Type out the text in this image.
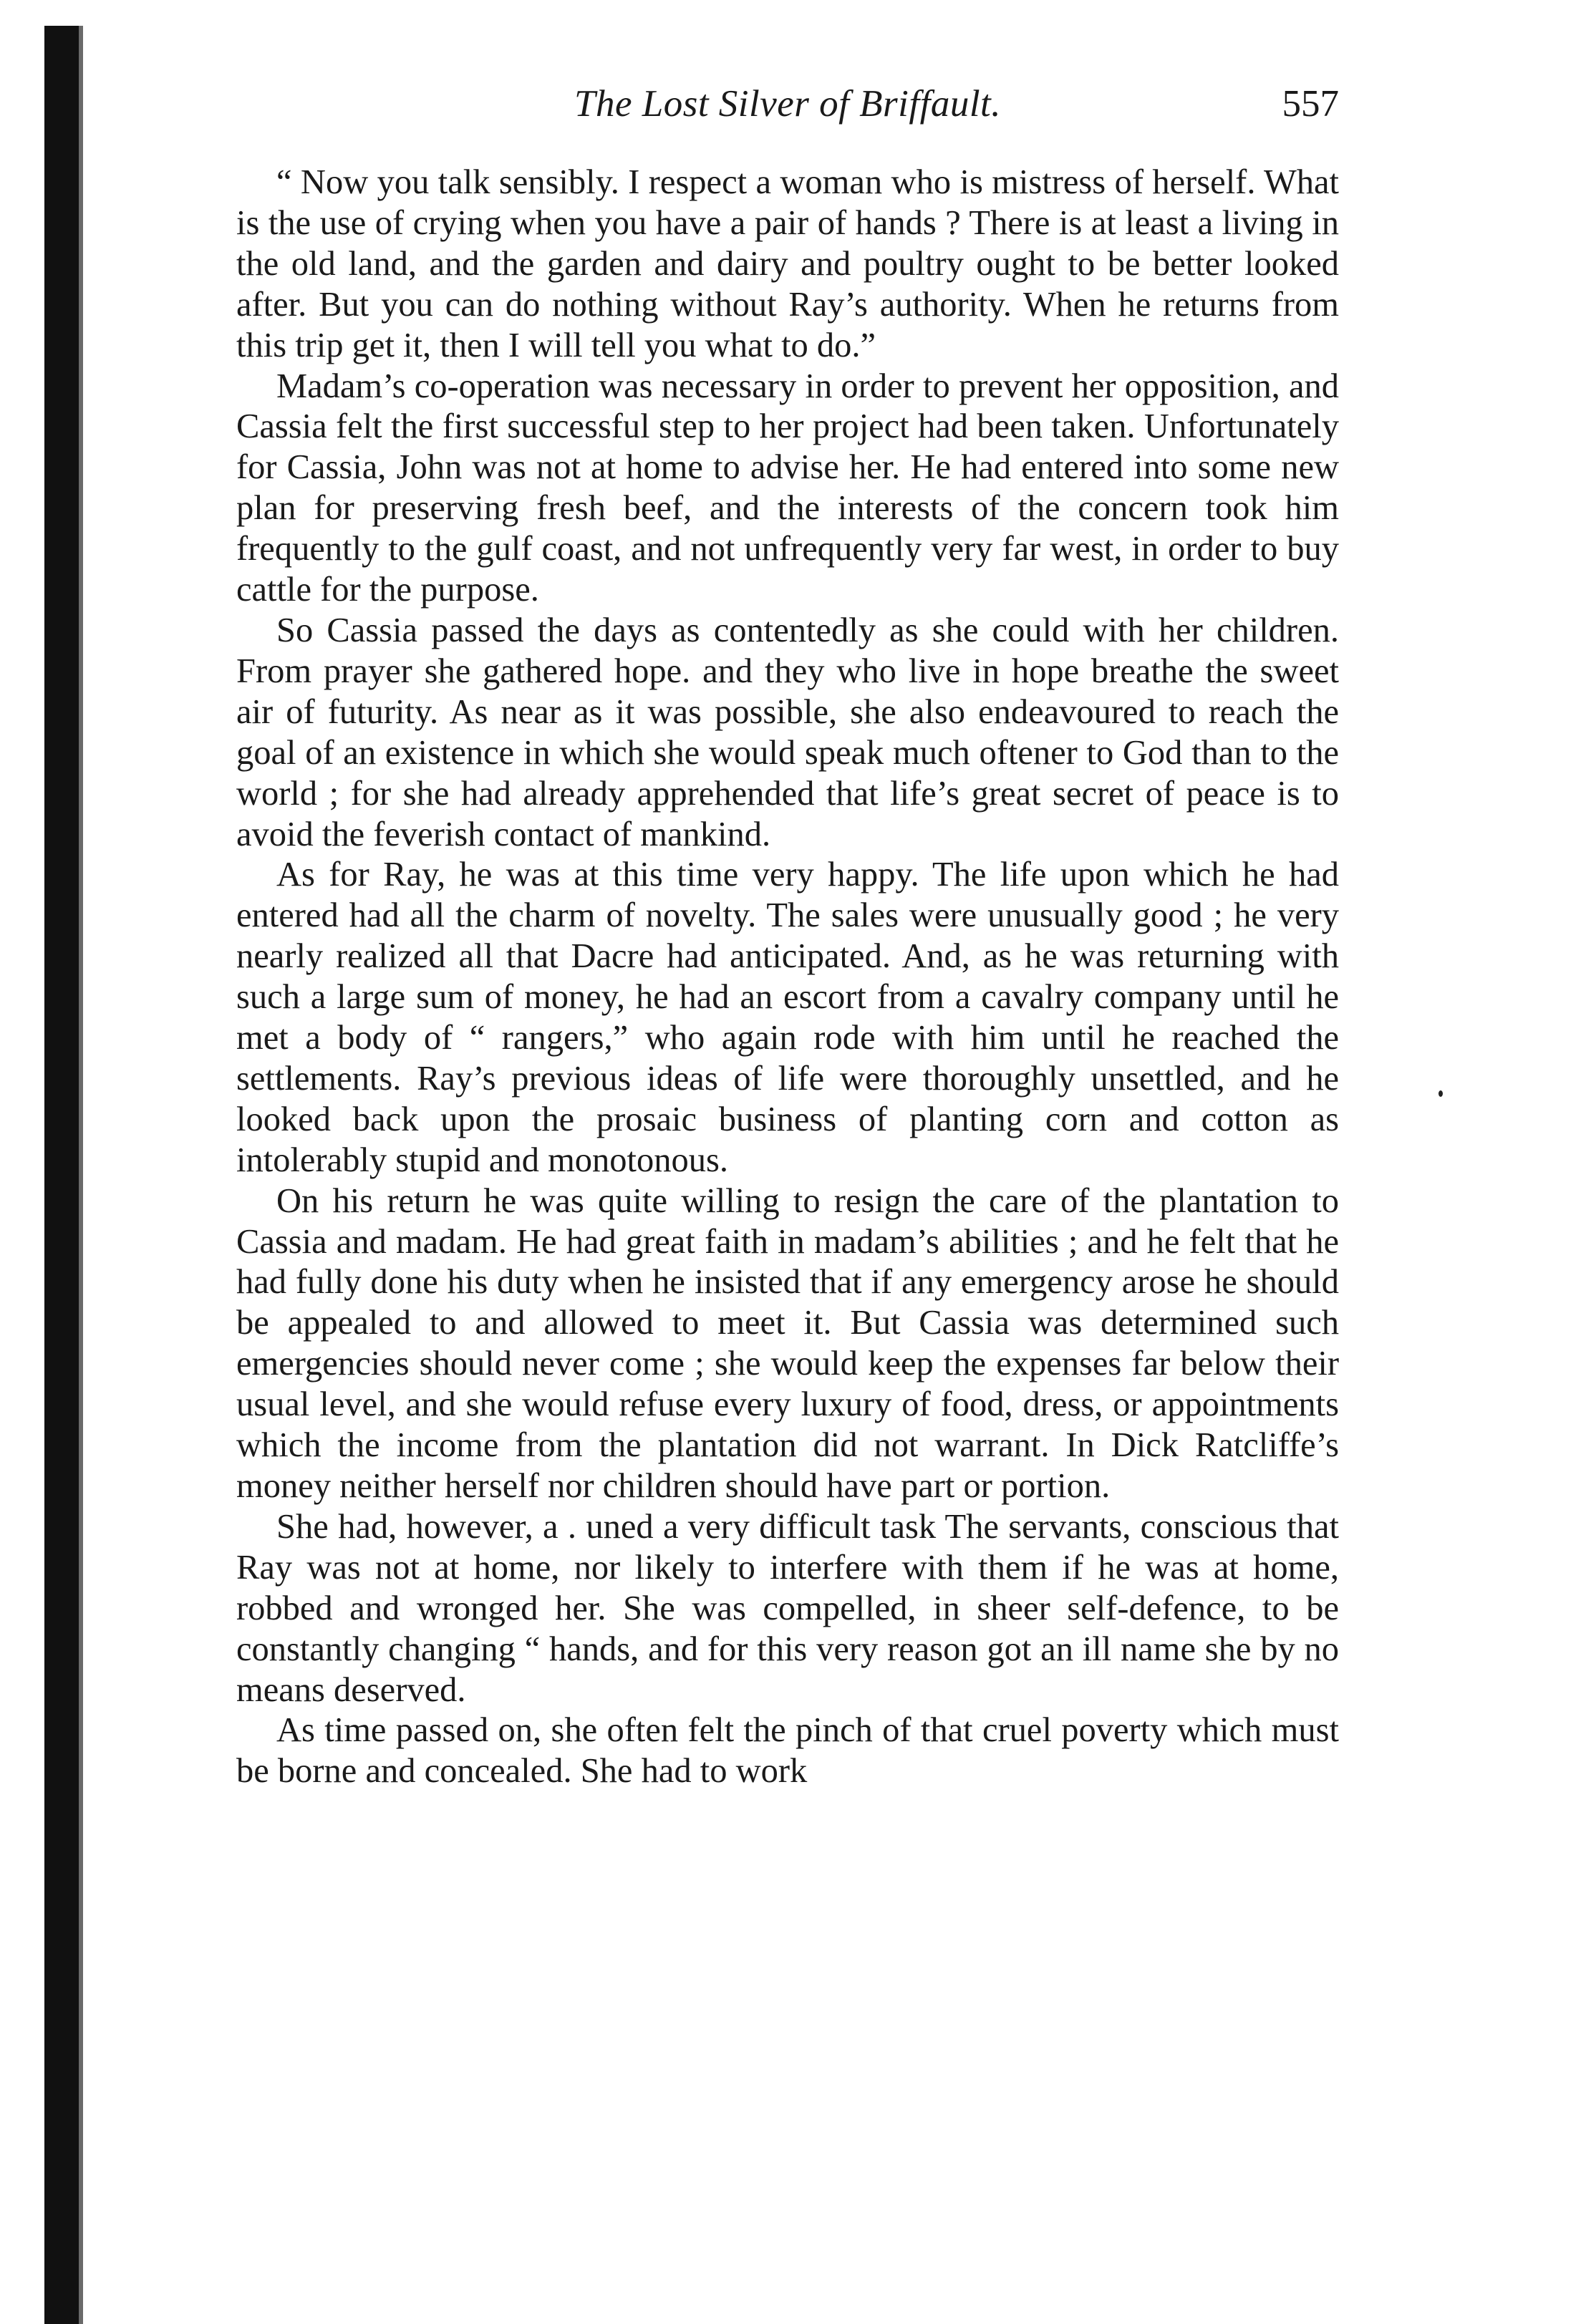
The Lost Silver of Briffault.	557

“ Now you talk sensibly. I respect a woman who is mistress of herself. What is the use of crying when you have a pair of hands ? There is at least a living in the old land, and the garden and dairy and poultry ought to be better looked after. But you can do nothing without Ray’s authority. When he returns from this trip get it, then I will tell you what to do.”

Madam’s co-operation was necessary in order to prevent her opposition, and Cassia felt the first successful step to her project had been taken. Unfortunately for Cassia, John was not at home to advise her. He had entered into some new plan for preserving fresh beef, and the interests of the concern took him frequently to the gulf coast, and not unfrequently very far west, in order to buy cattle for the purpose.

So Cassia passed the days as contentedly as she could with her children. From prayer she gathered hope. and they who live in hope breathe the sweet air of futurity. As near as it was possible, she also endeavoured to reach the goal of an existence in which she would speak much oftener to God than to the world ; for she had already apprehended that life’s great secret of peace is to avoid the feverish contact of mankind.

As for Ray, he was at this time very happy. The life upon which he had entered had all the charm of novelty. The sales were unusually good ; he very nearly realized all that Dacre had anticipated. And, as he was returning with such a large sum of money, he had an escort from a cavalry company until he met a body of “ rangers,” who again rode with him until he reached the settlements. Ray’s previous ideas of life were thoroughly unsettled, and he looked back upon the prosaic business of planting corn and cotton as intolerably stupid and monotonous.

On his return he was quite willing to resign the care of the plantation to Cassia and madam. He had great faith in madam’s abilities ; and he felt that he had fully done his duty when he insisted that if any emergency arose he should be appealed to and allowed to meet it. But Cassia was determined such emergencies should never come ; she would keep the expenses far below their usual level, and she would refuse every luxury of food, dress, or appointments which the income from the plantation did not warrant. In Dick Ratcliffe’s money neither herself nor children should have part or portion.

She had, however, a . uned a very difficult task The servants, conscious that Ray was not at home, nor likely to interfere with them if he was at home, robbed and wronged her. She was compelled, in sheer self-defence, to be constantly changing “ hands, and for this very reason got an ill name she by no means deserved.

As time passed on, she often felt the pinch of that cruel poverty which must be borne and concealed. She had to work
